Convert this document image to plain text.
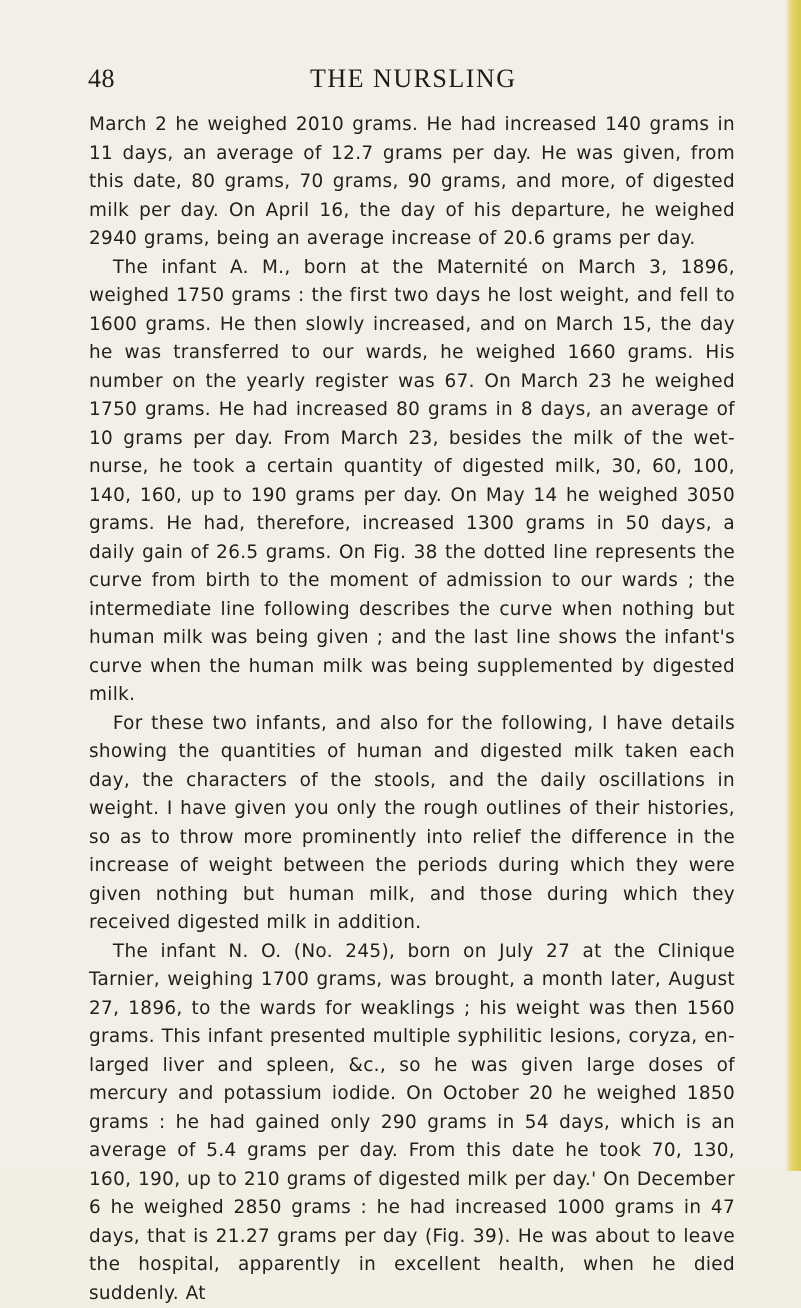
48	THE NURSLING

March 2 he weighed 2010 grams. He had increased 140 grams in 11 days, an average of 12.7 grams per day. He was given, from this date, 80 grams, 70 grams, 90 grams, and more, of digested milk per day. On April 16, the day of his departure, he weighed 2940 grams, being an average increase of 20.6 grams per day.

The infant A. M., born at the Maternité on March 3, 1896, weighed 1750 grams : the first two days he lost weight, and fell to 1600 grams. He then slowly increased, and on March 15, the day he was transferred to our wards, he weighed 1660 grams. His number on the yearly register was 67. On March 23 he weighed 1750 grams. He had increased 80 grams in 8 days, an average of 10 grams per day. From March 23, besides the milk of the wet-nurse, he took a certain quantity of digested milk, 30, 60, 100, 140, 160, up to 190 grams per day. On May 14 he weighed 3050 grams. He had, therefore, increased 1300 grams in 50 days, a daily gain of 26.5 grams. On Fig. 38 the dotted line represents the curve from birth to the moment of admission to our wards ; the intermediate line following describes the curve when nothing but human milk was being given ; and the last line shows the infant's curve when the human milk was being supplemented by digested milk.

For these two infants, and also for the following, I have details showing the quantities of human and digested milk taken each day, the characters of the stools, and the daily oscillations in weight. I have given you only the rough outlines of their histories, so as to throw more prominently into relief the difference in the increase of weight between the periods during which they were given nothing but human milk, and those during which they received digested milk in addition.

The infant N. O. (No. 245), born on July 27 at the Clinique Tarnier, weighing 1700 grams, was brought, a month later, August 27, 1896, to the wards for weaklings ; his weight was then 1560 grams. This infant presented multiple syphilitic lesions, coryza, en-larged liver and spleen, &c., so he was given large doses of mercury and potassium iodide. On October 20 he weighed 1850 grams : he had gained only 290 grams in 54 days, which is an average of 5.4 grams per day. From this date he took 70, 130, 160, 190, up to 210 grams of digested milk per day.' On December 6 he weighed 2850 grams : he had increased 1000 grams in 47 days, that is 21.27 grams per day (Fig. 39). He was about to leave the hospital, apparently in excellent health, when he died suddenly. At
